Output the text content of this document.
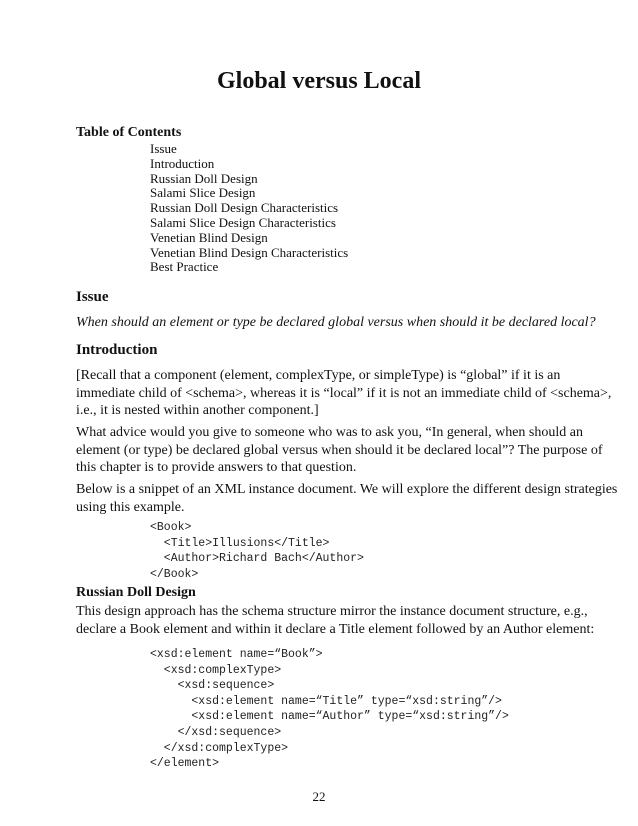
Global versus Local
Table of Contents
Issue
Introduction
Russian Doll Design
Salami Slice Design
Russian Doll Design Characteristics
Salami Slice Design Characteristics
Venetian Blind Design
Venetian Blind Design Characteristics
Best Practice
Issue
When should an element or type be declared global versus when should it be declared local?
Introduction
[Recall that a component (element, complexType, or simpleType) is “global” if it is an
immediate child of <schema>, whereas it is “local” if it is not an immediate child of <schema>,
i.e., it is nested within another component.]
What advice would you give to someone who was to ask you, “In general, when should an
element (or type) be declared global versus when should it be declared local”? The purpose of
this chapter is to provide answers to that question.
Below is a snippet of an XML instance document. We will explore the different design strategies
using this example.
<Book>
<Title>Illusions</Title>
<Author>Richard Bach</Author>
</Book>
Russian Doll Design
This design approach has the schema structure mirror the instance document structure, e.g.,
declare a Book element and within it declare a Title element followed by an Author element:
<xsd:element name=“Book”>
<xsd:complexType>
<xsd:sequence>
<xsd:element name=“Title” type=“xsd:string”/>
<xsd:element name=“Author” type=“xsd:string”/>
</xsd:sequence>
</xsd:complexType>
</element>
22
